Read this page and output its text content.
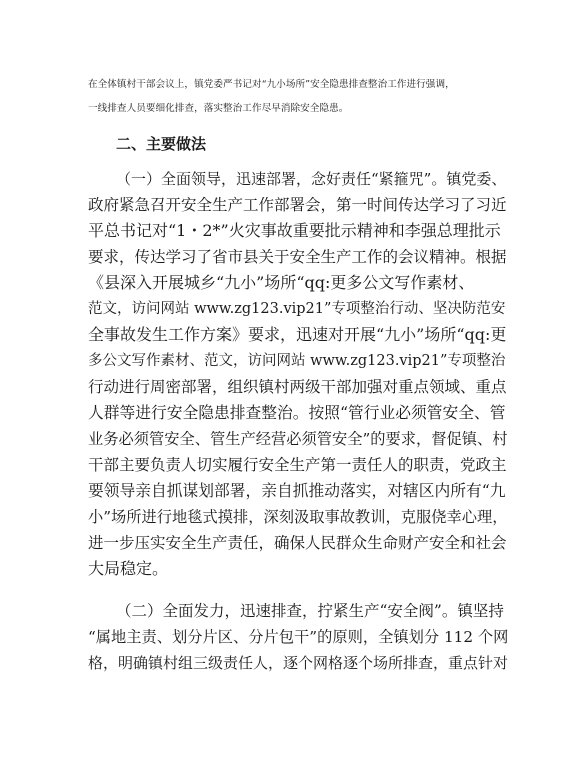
在全体镇村干部会议上，镇党委严书记对“九小场所”安全隐患排查整治工作进行强调，
一线排查人员要细化排查，落实整治工作尽早消除安全隐患。
二、主要做法
（一）全面领导，迅速部署，念好责任“紧箍咒”。镇党委、
政府紧急召开安全生产工作部署会，第一时间传达学习了习近
平总书记对“1・2*”火灾事故重要批示精神和李强总理批示
要求，传达学习了省市县关于安全生产工作的会议精神。根据
《县深入开展城乡“九小”场所“qq:更多公文写作素材、
范文，访问网站 www.zg123.vip21”专项整治行动、坚决防范安
全事故发生工作方案》要求，迅速对开展“九小”场所“qq:更
多公文写作素材、范文，访问网站 www.zg123.vip21”专项整治
行动进行周密部署，组织镇村两级干部加强对重点领域、重点
人群等进行安全隐患排查整治。按照“管行业必须管安全、管
业务必须管安全、管生产经营必须管安全”的要求，督促镇、村
干部主要负责人切实履行安全生产第一责任人的职责，党政主
要领导亲自抓谋划部署，亲自抓推动落实，对辖区内所有“九
小”场所进行地毯式摸排，深刻汲取事故教训，克服侥幸心理，
进一步压实安全生产责任，确保人民群众生命财产安全和社会
大局稳定。
（二）全面发力，迅速排查，拧紧生产“安全阀”。镇坚持
“属地主责、划分片区、分片包干”的原则，全镇划分 112 个网
格，明确镇村组三级责任人，逐个网格逐个场所排查，重点针对
